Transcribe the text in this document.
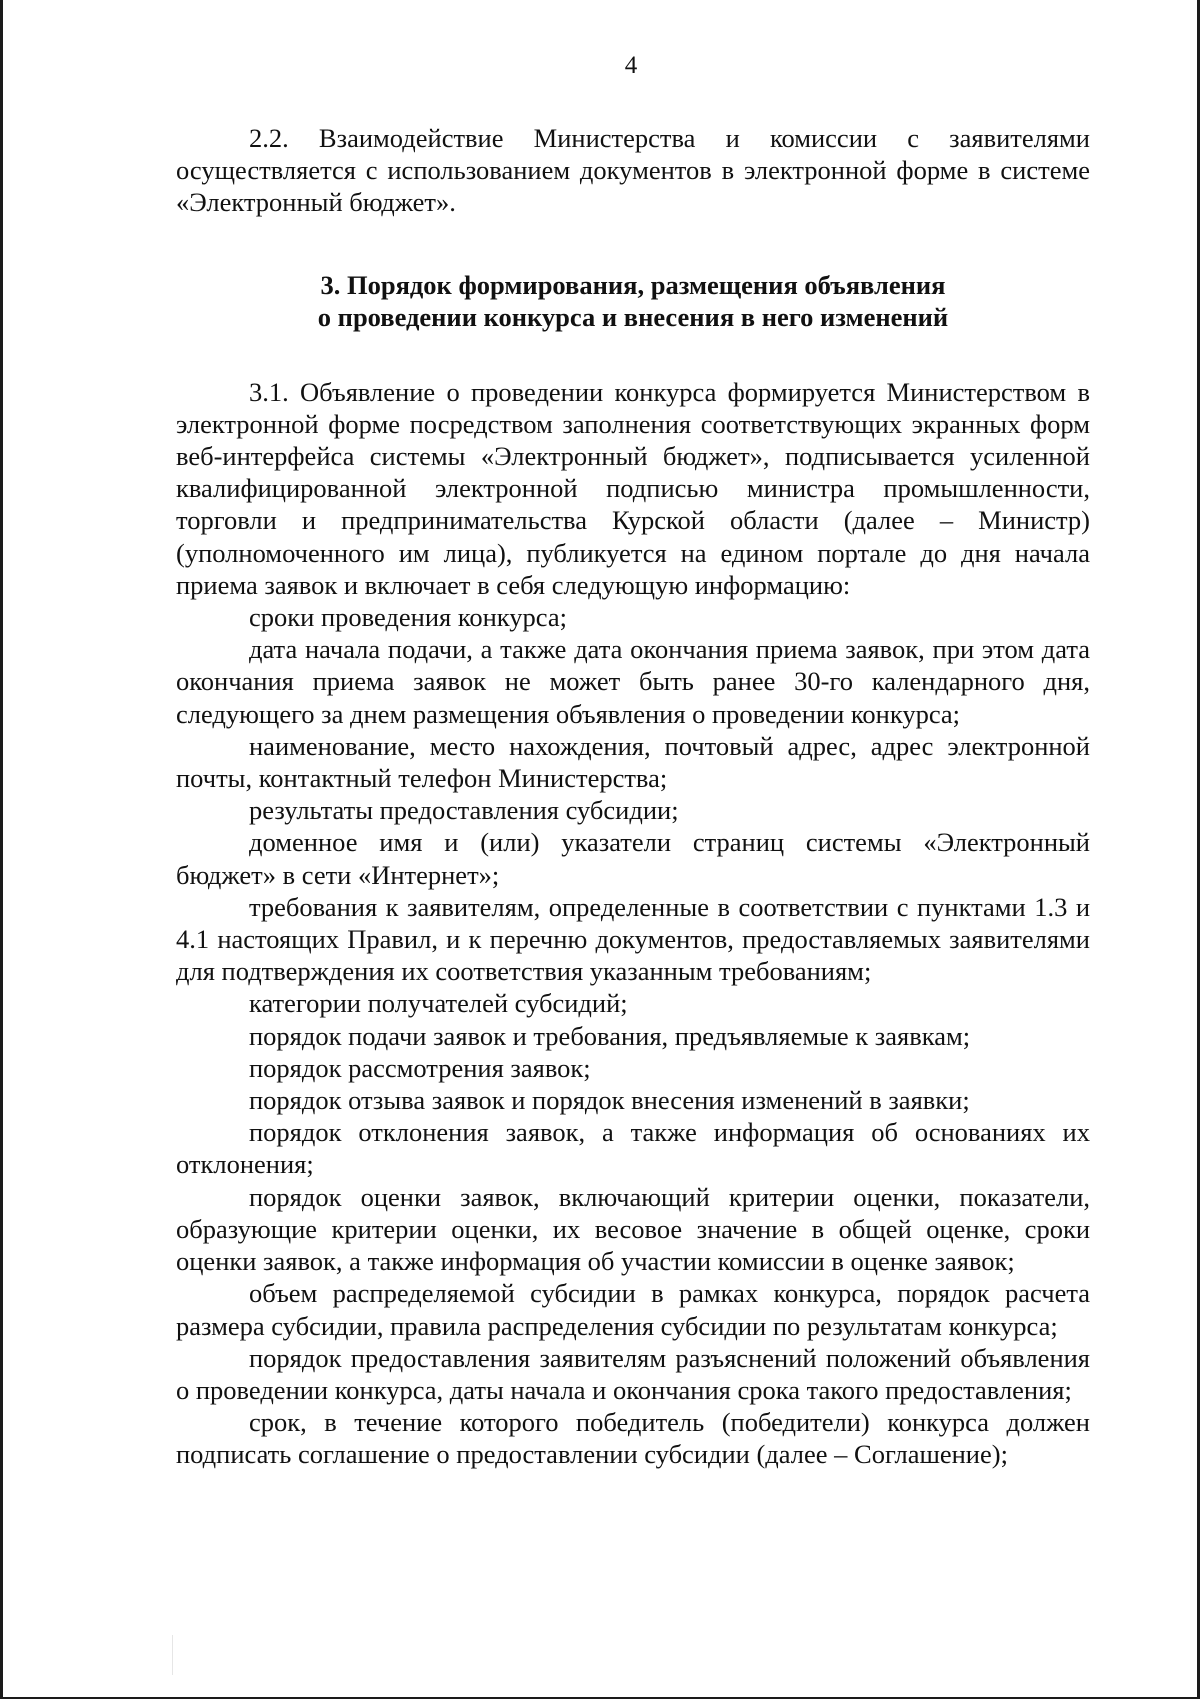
4

2.2. Взаимодействие Министерства и комиссии с заявителями осуществляется с использованием документов в электронной форме в системе «Электронный бюджет».

3. Порядок формирования, размещения объявления
о проведении конкурса и внесения в него изменений

3.1. Объявление о проведении конкурса формируется Министерством в электронной форме посредством заполнения соответствующих экранных форм веб-интерфейса системы «Электронный бюджет», подписывается усиленной квалифицированной электронной подписью министра промышленности, торговли и предпринимательства Курской области (далее – Министр) (уполномоченного им лица), публикуется на едином портале до дня начала приема заявок и включает в себя следующую информацию:

сроки проведения конкурса;

дата начала подачи, а также дата окончания приема заявок, при этом дата окончания приема заявок не может быть ранее 30-го календарного дня, следующего за днем размещения объявления о проведении конкурса;

наименование, место нахождения, почтовый адрес, адрес электронной почты, контактный телефон Министерства;

результаты предоставления субсидии;

доменное имя и (или) указатели страниц системы «Электронный бюджет» в сети «Интернет»;

требования к заявителям, определенные в соответствии с пунктами 1.3 и 4.1 настоящих Правил, и к перечню документов, предоставляемых заявителями для подтверждения их соответствия указанным требованиям;

категории получателей субсидий;

порядок подачи заявок и требования, предъявляемые к заявкам;

порядок рассмотрения заявок;

порядок отзыва заявок и порядок внесения изменений в заявки;

порядок отклонения заявок, а также информация об основаниях их отклонения;

порядок оценки заявок, включающий критерии оценки, показатели, образующие критерии оценки, их весовое значение в общей оценке, сроки оценки заявок, а также информация об участии комиссии в оценке заявок;

объем распределяемой субсидии в рамках конкурса, порядок расчета размера субсидии, правила распределения субсидии по результатам конкурса;

порядок предоставления заявителям разъяснений положений объявления о проведении конкурса, даты начала и окончания срока такого предоставления;

срок, в течение которого победитель (победители) конкурса должен подписать соглашение о предоставлении субсидии (далее – Соглашение);
